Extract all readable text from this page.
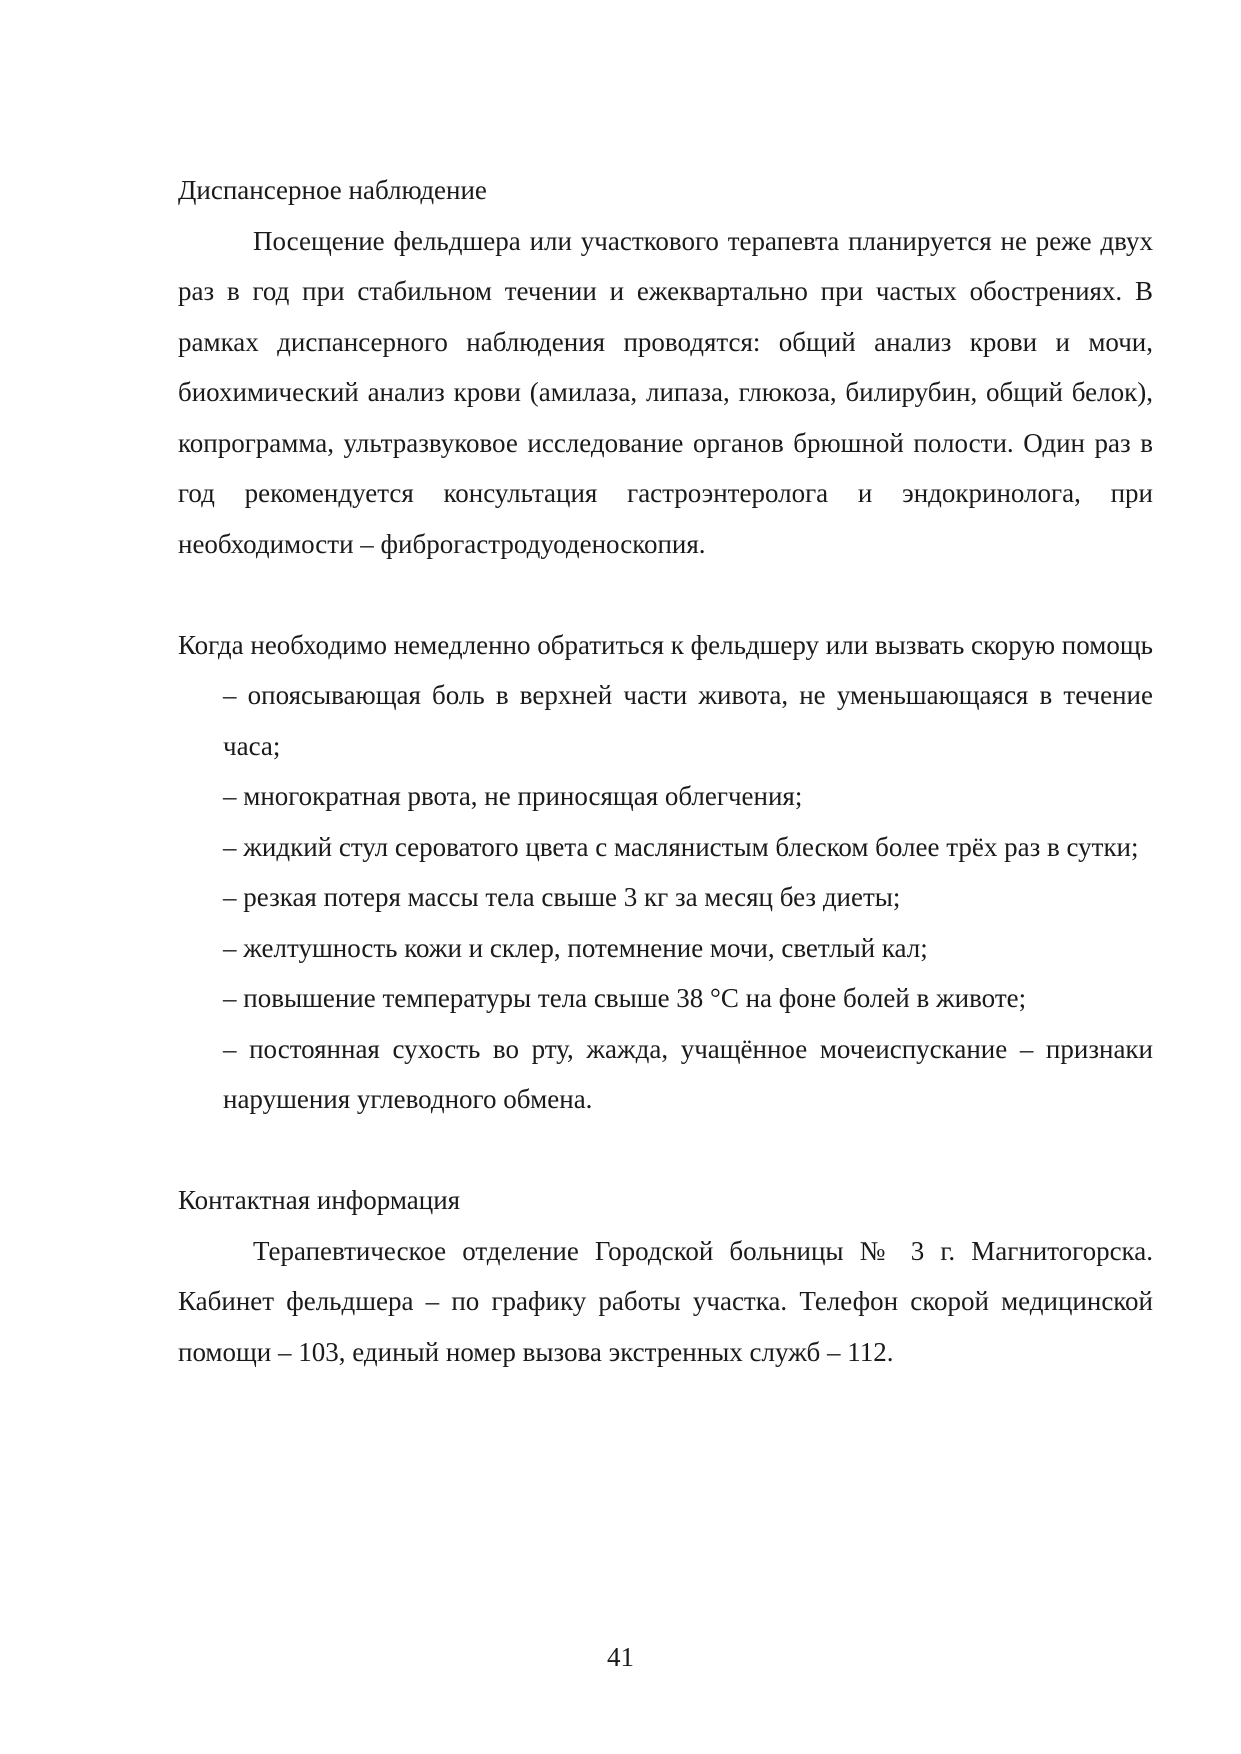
Диспансерное наблюдение

Посещение фельдшера или участкового терапевта планируется не реже двух раз в год при стабильном течении и ежеквартально при частых обострениях. В рамках диспансерного наблюдения проводятся: общий анализ крови и мочи, биохимический анализ крови (амилаза, липаза, глюкоза, билирубин, общий белок), копрограмма, ультразвуковое исследование органов брюшной полости. Один раз в год рекомендуется консультация гастроэнтеролога и эндокринолога, при необходимости – фиброгастродуоденоскопия.

Когда необходимо немедленно обратиться к фельдшеру или вызвать скорую помощь
– опоясывающая боль в верхней части живота, не уменьшающаяся в течение часа;
– многократная рвота, не приносящая облегчения;
– жидкий стул сероватого цвета с маслянистым блеском более трёх раз в сутки;
– резкая потеря массы тела свыше 3 кг за месяц без диеты;
– желтушность кожи и склер, потемнение мочи, светлый кал;
– повышение температуры тела свыше 38 °С на фоне болей в животе;
– постоянная сухость во рту, жажда, учащённое мочеиспускание – признаки нарушения углеводного обмена.
Контактная информация

Терапевтическое отделение Городской больницы № 3 г. Магнитогорска. Кабинет фельдшера – по графику работы участка. Телефон скорой медицинской помощи – 103, единый номер вызова экстренных служб – 112.

41
